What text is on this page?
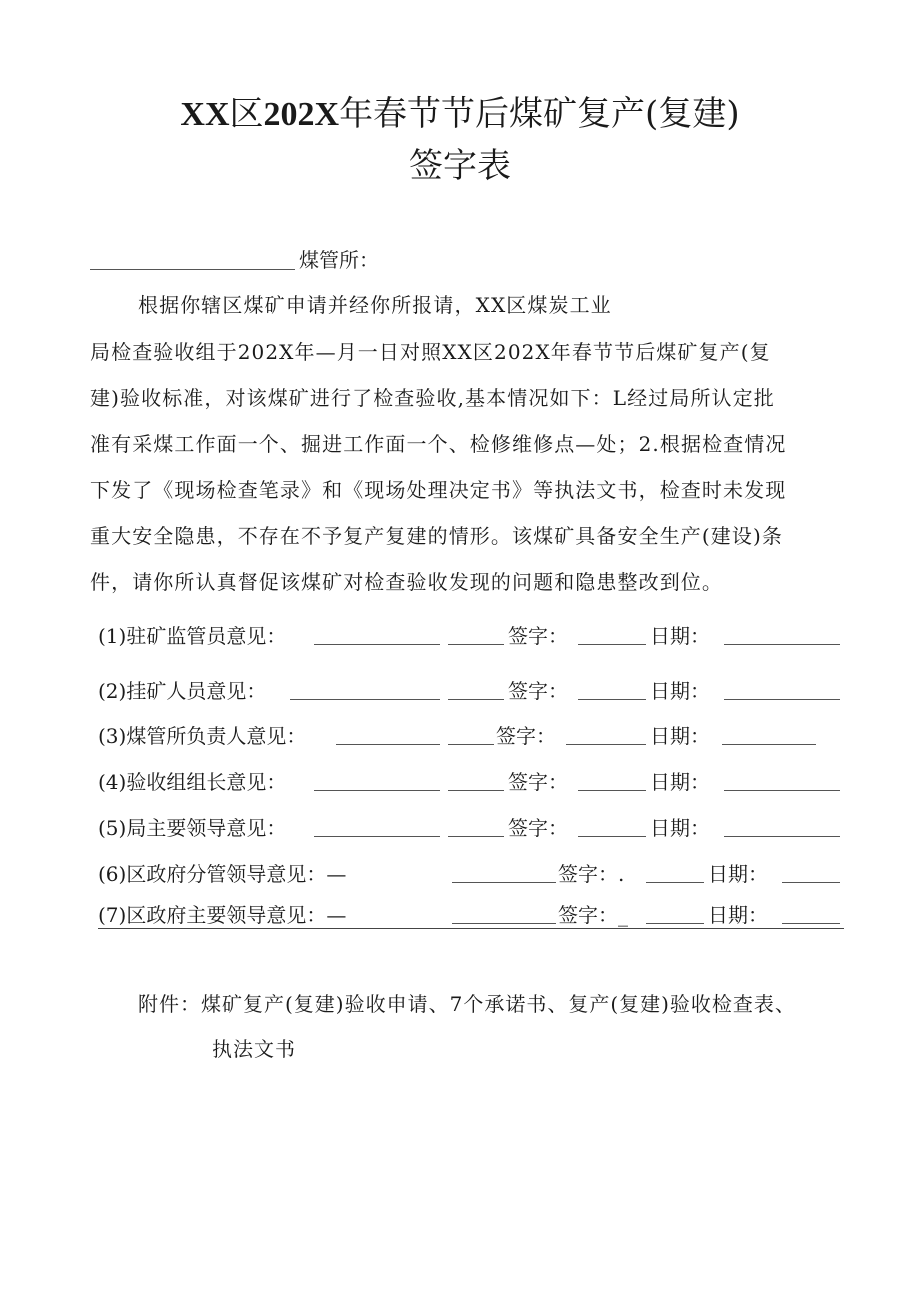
XX区202X年春节节后煤矿复产(复建)
签字表
煤管所：
根据你辖区煤矿申请并经你所报请，XX区煤炭工业
局检查验收组于202X年—月一日对照XX区202X年春节节后煤矿复产(复
建)验收标准，对该煤矿进行了检查验收,基本情况如下：L经过局所认定批
准有采煤工作面一个、掘进工作面一个、检修维修点—处；2.根据检查情况
下发了《现场检查笔录》和《现场处理决定书》等执法文书，检查时未发现
重大安全隐患，不存在不予复产复建的情形。该煤矿具备安全生产(建设)条
件，请你所认真督促该煤矿对检查验收发现的问题和隐患整改到位。
(1)驻矿监管员意见：	签字：	日期：
(2)挂矿人员意见：	签字：	日期：
(3)煤管所负责人意见：	签字：	日期：
(4)验收组组长意见：	签字：	日期：
(5)局主要领导意见：	签字：	日期：
(6)区政府分管领导意见：—	签字：.	日期：
(7)区政府主要领导意见：—	签字：_	日期：
附件：煤矿复产(复建)验收申请、7个承诺书、复产(复建)验收检查表、
执法文书
